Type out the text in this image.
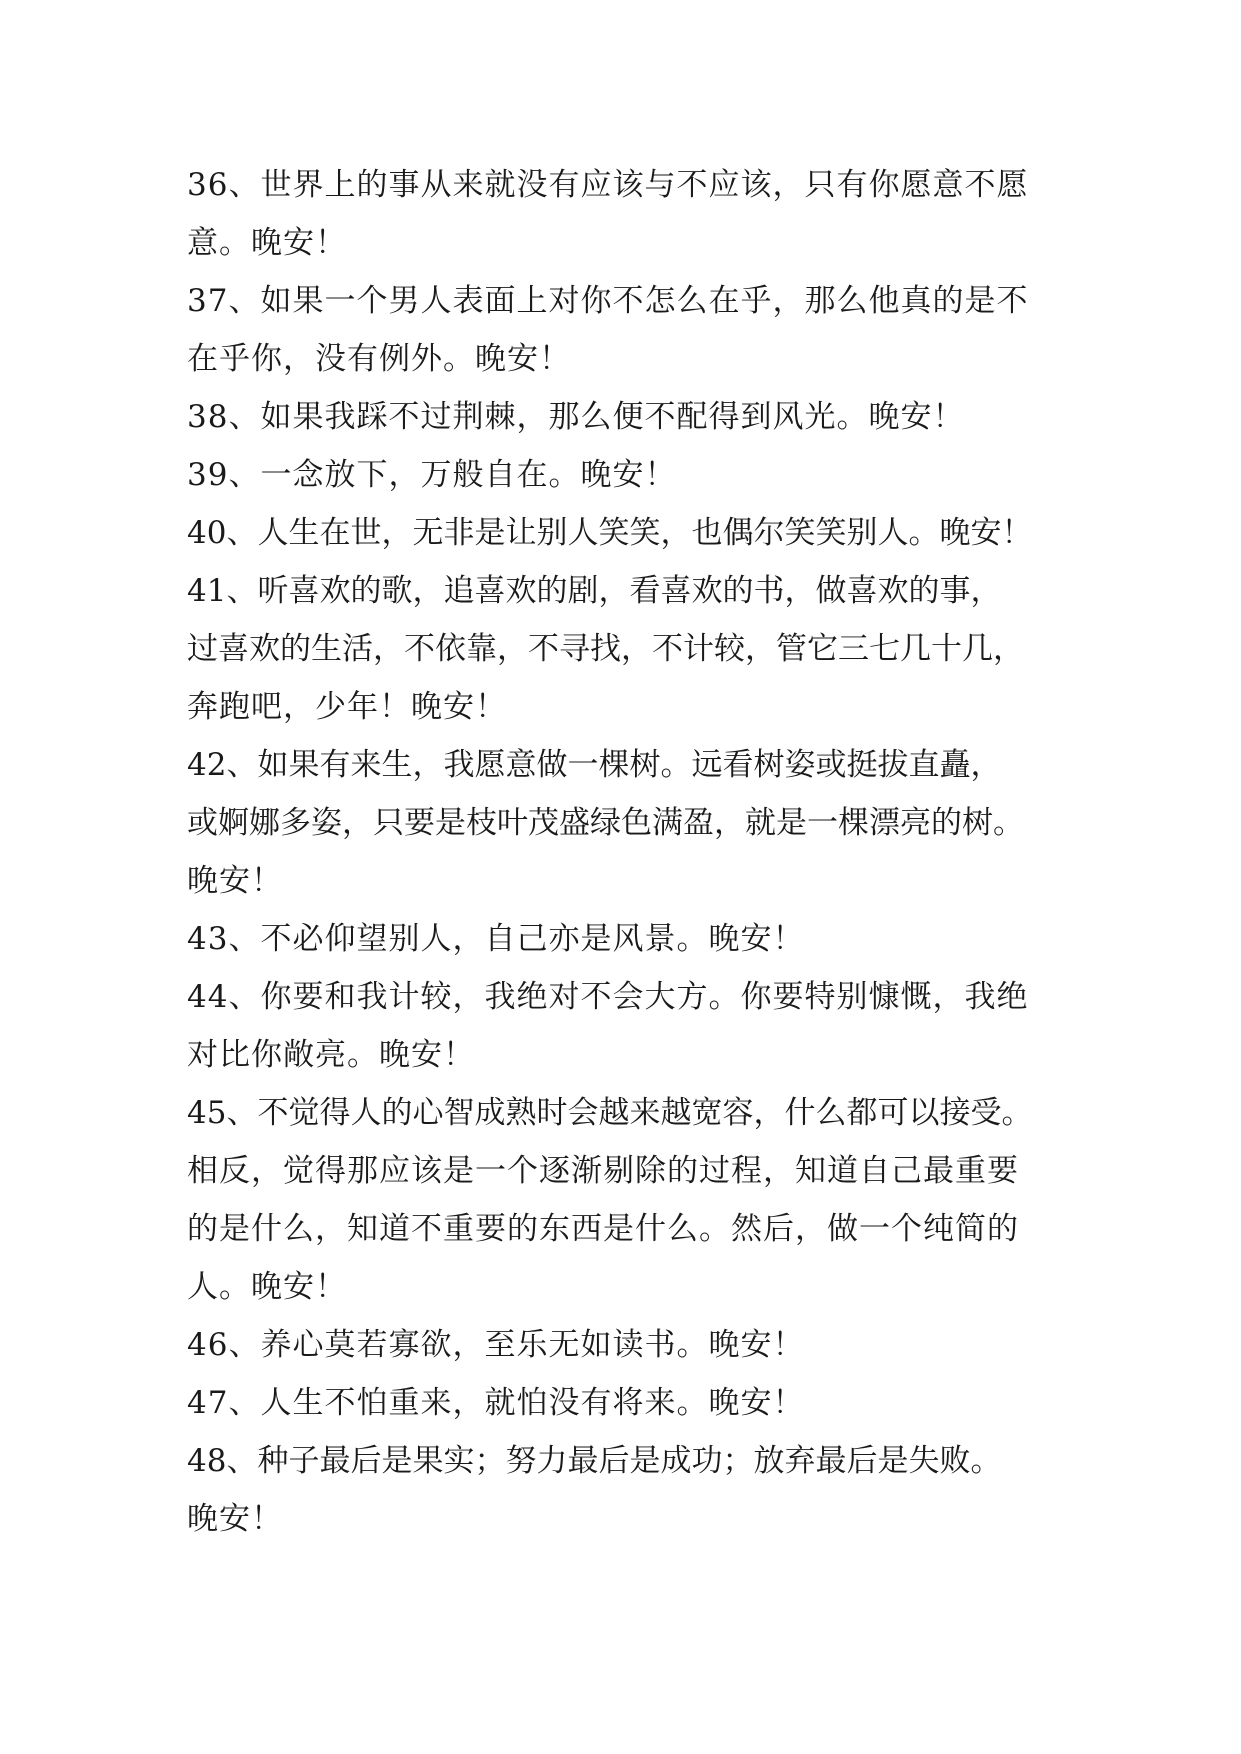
36、世界上的事从来就没有应该与不应该，只有你愿意不愿
意。晚安！
37、如果一个男人表面上对你不怎么在乎，那么他真的是不
在乎你，没有例外。晚安！
38、如果我踩不过荆棘，那么便不配得到风光。晚安！
39、一念放下，万般自在。晚安！
40、人生在世，无非是让别人笑笑，也偶尔笑笑别人。晚安！
41、听喜欢的歌，追喜欢的剧，看喜欢的书，做喜欢的事，
过喜欢的生活，不依靠，不寻找，不计较，管它三七几十几，
奔跑吧，少年！晚安！
42、如果有来生，我愿意做一棵树。远看树姿或挺拔直矗，
或婀娜多姿，只要是枝叶茂盛绿色满盈，就是一棵漂亮的树。
晚安！
43、不必仰望别人，自己亦是风景。晚安！
44、你要和我计较，我绝对不会大方。你要特别慷慨，我绝
对比你敞亮。晚安！
45、不觉得人的心智成熟时会越来越宽容，什么都可以接受。
相反，觉得那应该是一个逐渐剔除的过程，知道自己最重要
的是什么，知道不重要的东西是什么。然后，做一个纯简的
人。晚安！
46、养心莫若寡欲，至乐无如读书。晚安！
47、人生不怕重来，就怕没有将来。晚安！
48、种子最后是果实；努力最后是成功；放弃最后是失败。
晚安！
